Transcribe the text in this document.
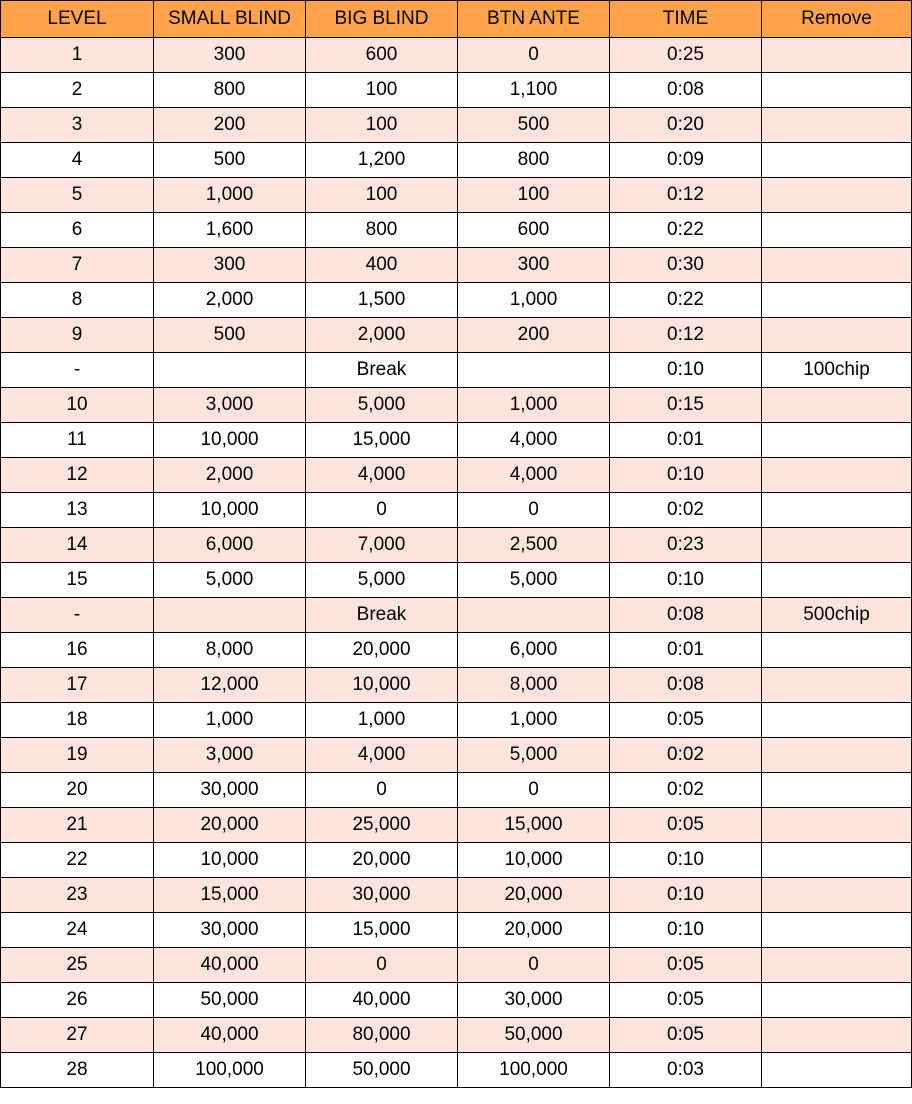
LEVEL	SMALL BLIND	BIG BLIND	BTN ANTE	TIME	Remove
1	300	600	0	0:25	
2	800	100	1,100	0:08	
3	200	100	500	0:20	
4	500	1,200	800	0:09	
5	1,000	100	100	0:12	
6	1,600	800	600	0:22	
7	300	400	300	0:30	
8	2,000	1,500	1,000	0:22	
9	500	2,000	200	0:12	
-		Break		0:10	100chip
10	3,000	5,000	1,000	0:15	
11	10,000	15,000	4,000	0:01	
12	2,000	4,000	4,000	0:10	
13	10,000	0	0	0:02	
14	6,000	7,000	2,500	0:23	
15	5,000	5,000	5,000	0:10	
-		Break		0:08	500chip
16	8,000	20,000	6,000	0:01	
17	12,000	10,000	8,000	0:08	
18	1,000	1,000	1,000	0:05	
19	3,000	4,000	5,000	0:02	
20	30,000	0	0	0:02	
21	20,000	25,000	15,000	0:05	
22	10,000	20,000	10,000	0:10	
23	15,000	30,000	20,000	0:10	
24	30,000	15,000	20,000	0:10	
25	40,000	0	0	0:05	
26	50,000	40,000	30,000	0:05	
27	40,000	80,000	50,000	0:05	
28	100,000	50,000	100,000	0:03	
